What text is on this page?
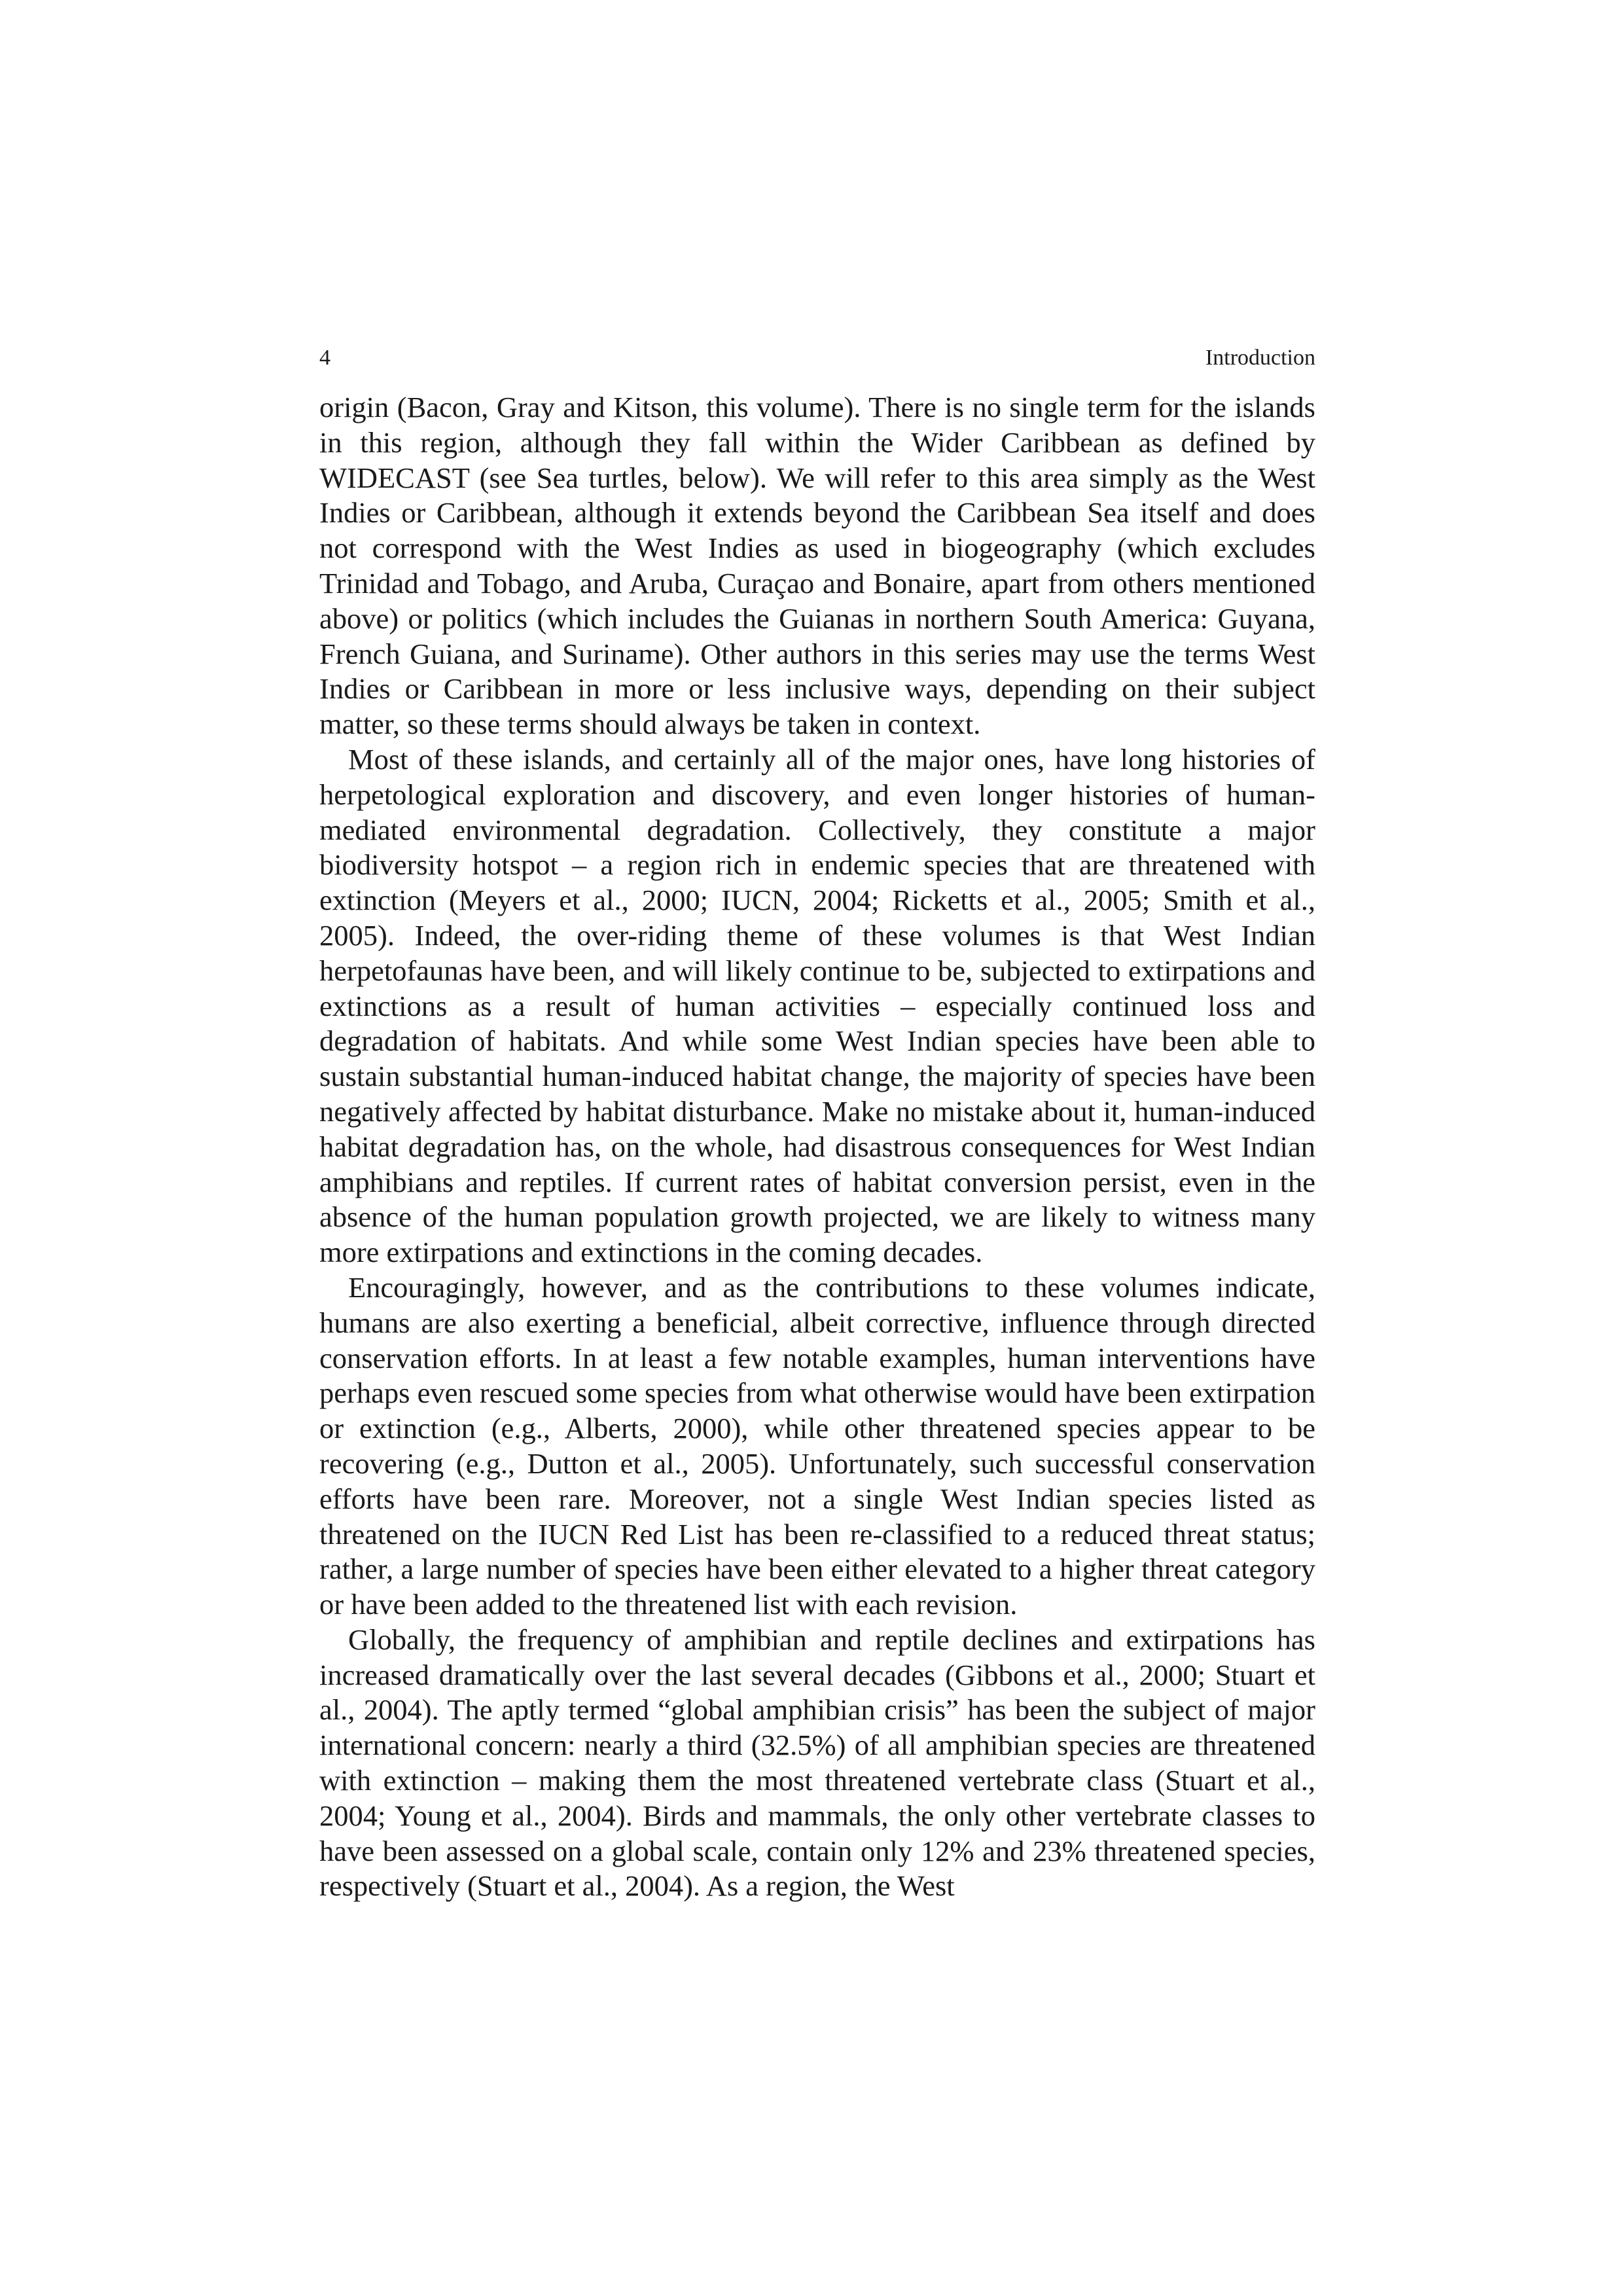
4	Introduction

origin (Bacon, Gray and Kitson, this volume). There is no single term for the islands in this region, although they fall within the Wider Caribbean as defined by WIDECAST (see Sea turtles, below). We will refer to this area simply as the West Indies or Caribbean, although it extends beyond the Caribbean Sea itself and does not correspond with the West Indies as used in biogeography (which excludes Trinidad and Tobago, and Aruba, Curaçao and Bonaire, apart from others mentioned above) or politics (which includes the Guianas in northern South America: Guyana, French Guiana, and Suriname). Other authors in this series may use the terms West Indies or Caribbean in more or less inclusive ways, depending on their subject matter, so these terms should always be taken in context.

Most of these islands, and certainly all of the major ones, have long histories of herpetological exploration and discovery, and even longer histories of human-mediated environmental degradation. Collectively, they constitute a major biodiversity hotspot – a region rich in endemic species that are threatened with extinction (Meyers et al., 2000; IUCN, 2004; Ricketts et al., 2005; Smith et al., 2005). Indeed, the over-riding theme of these volumes is that West Indian herpetofaunas have been, and will likely continue to be, subjected to extirpations and extinctions as a result of human activities – especially continued loss and degradation of habitats. And while some West Indian species have been able to sustain substantial human-induced habitat change, the majority of species have been negatively affected by habitat disturbance. Make no mistake about it, human-induced habitat degradation has, on the whole, had disastrous consequences for West Indian amphibians and reptiles. If current rates of habitat conversion persist, even in the absence of the human population growth projected, we are likely to witness many more extirpations and extinctions in the coming decades.

Encouragingly, however, and as the contributions to these volumes indicate, humans are also exerting a beneficial, albeit corrective, influence through directed conservation efforts. In at least a few notable examples, human interventions have perhaps even rescued some species from what otherwise would have been extirpation or extinction (e.g., Alberts, 2000), while other threatened species appear to be recovering (e.g., Dutton et al., 2005). Unfortunately, such successful conservation efforts have been rare. Moreover, not a single West Indian species listed as threatened on the IUCN Red List has been re-classified to a reduced threat status; rather, a large number of species have been either elevated to a higher threat category or have been added to the threatened list with each revision.

Globally, the frequency of amphibian and reptile declines and extirpations has increased dramatically over the last several decades (Gibbons et al., 2000; Stuart et al., 2004). The aptly termed “global amphibian crisis” has been the subject of major international concern: nearly a third (32.5%) of all amphibian species are threatened with extinction – making them the most threatened vertebrate class (Stuart et al., 2004; Young et al., 2004). Birds and mammals, the only other vertebrate classes to have been assessed on a global scale, contain only 12% and 23% threatened species, respectively (Stuart et al., 2004). As a region, the West
